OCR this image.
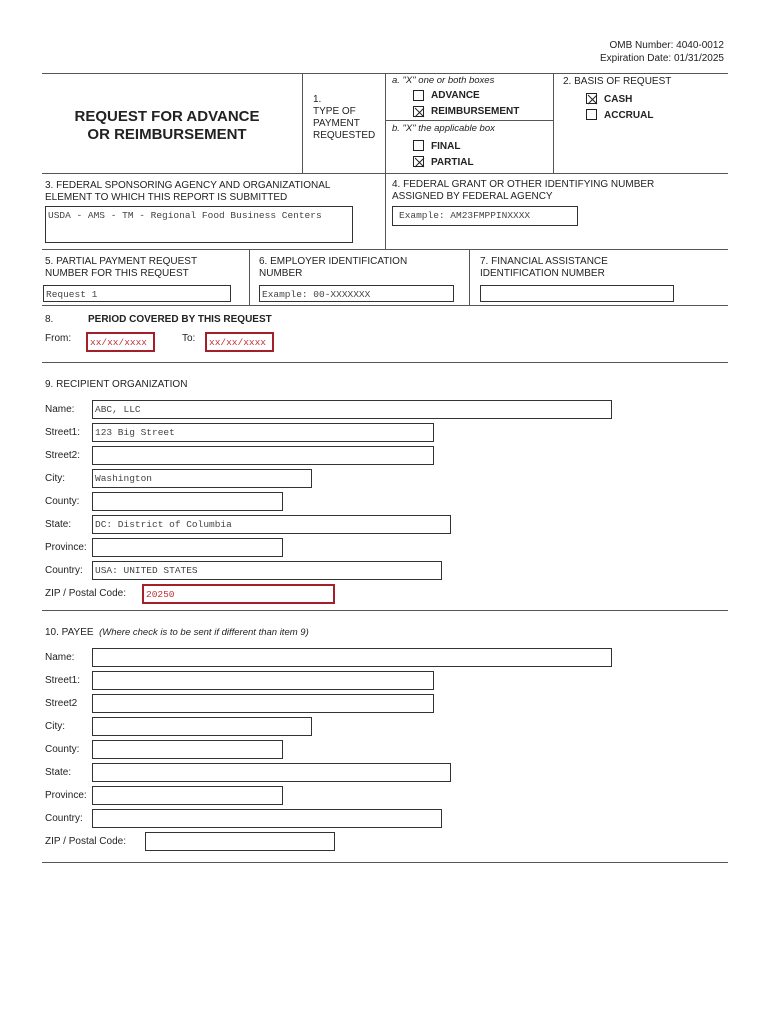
OMB Number: 4040-0012
Expiration Date: 01/31/2025
REQUEST FOR ADVANCE
OR REIMBURSEMENT
1.
TYPE OF
PAYMENT
REQUESTED
a. "X" one or both boxes
ADVANCE
REIMBURSEMENT
b. "X" the applicable box
FINAL
PARTIAL
2. BASIS OF REQUEST
CASH
ACCRUAL
3. FEDERAL SPONSORING AGENCY AND ORGANIZATIONAL
ELEMENT TO WHICH THIS REPORT IS SUBMITTED
USDA - AMS - TM - Regional Food Business Centers
4. FEDERAL GRANT OR OTHER IDENTIFYING NUMBER
ASSIGNED BY FEDERAL AGENCY
Example: AM23FMPPINXXXX
5. PARTIAL PAYMENT REQUEST
NUMBER FOR THIS REQUEST
Request 1
6. EMPLOYER IDENTIFICATION
NUMBER
Example: 00-XXXXXXX
7. FINANCIAL ASSISTANCE
IDENTIFICATION NUMBER
8.	PERIOD COVERED BY THIS REQUEST
From:	xx/xx/xxxx	To:	xx/xx/xxxx
9. RECIPIENT ORGANIZATION
Name:	ABC, LLC
Street1:	123 Big Street
Street2:
City:	Washington
County:
State:	DC: District of Columbia
Province:
Country:	USA: UNITED STATES
ZIP / Postal Code:	20250
10. PAYEE (Where check is to be sent if different than item 9)
Name:
Street1:
Street2
City:
County:
State:
Province:
Country:
ZIP / Postal Code:
